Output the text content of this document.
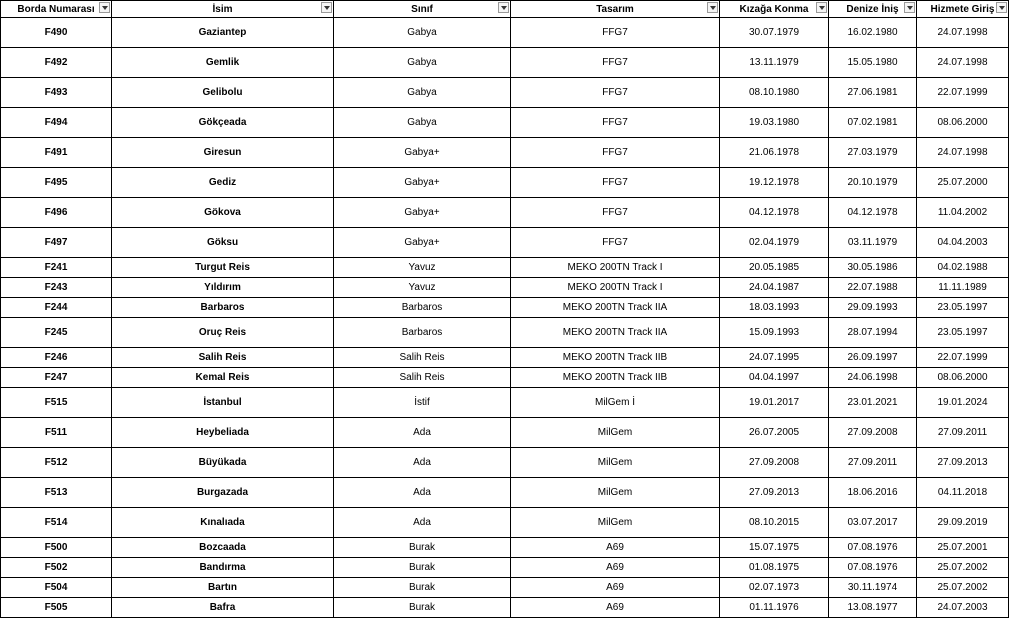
Borda Numarası	İsim	Sınıf	Tasarım	Kızağa Konma	Denize İniş	Hizmete Giriş

F490	Gaziantep	Gabya	FFG7	30.07.1979	16.02.1980	24.07.1998
F492	Gemlik	Gabya	FFG7	13.11.1979	15.05.1980	24.07.1998
F493	Gelibolu	Gabya	FFG7	08.10.1980	27.06.1981	22.07.1999
F494	Gökçeada	Gabya	FFG7	19.03.1980	07.02.1981	08.06.2000
F491	Giresun	Gabya+	FFG7	21.06.1978	27.03.1979	24.07.1998
F495	Gediz	Gabya+	FFG7	19.12.1978	20.10.1979	25.07.2000
F496	Gökova	Gabya+	FFG7	04.12.1978	04.12.1978	11.04.2002
F497	Göksu	Gabya+	FFG7	02.04.1979	03.11.1979	04.04.2003
F241	Turgut Reis	Yavuz	MEKO 200TN Track I	20.05.1985	30.05.1986	04.02.1988
F243	Yıldırım	Yavuz	MEKO 200TN Track I	24.04.1987	22.07.1988	11.11.1989
F244	Barbaros	Barbaros	MEKO 200TN Track IIA	18.03.1993	29.09.1993	23.05.1997
F245	Oruç Reis	Barbaros	MEKO 200TN Track IIA	15.09.1993	28.07.1994	23.05.1997
F246	Salih Reis	Salih Reis	MEKO 200TN Track IIB	24.07.1995	26.09.1997	22.07.1999
F247	Kemal Reis	Salih Reis	MEKO 200TN Track IIB	04.04.1997	24.06.1998	08.06.2000
F515	İstanbul	İstif	MilGem İ	19.01.2017	23.01.2021	19.01.2024
F511	Heybeliada	Ada	MilGem	26.07.2005	27.09.2008	27.09.2011
F512	Büyükada	Ada	MilGem	27.09.2008	27.09.2011	27.09.2013
F513	Burgazada	Ada	MilGem	27.09.2013	18.06.2016	04.11.2018
F514	Kınalıada	Ada	MilGem	08.10.2015	03.07.2017	29.09.2019
F500	Bozcaada	Burak	A69	15.07.1975	07.08.1976	25.07.2001
F502	Bandırma	Burak	A69	01.08.1975	07.08.1976	25.07.2002
F504	Bartın	Burak	A69	02.07.1973	30.11.1974	25.07.2002
F505	Bafra	Burak	A69	01.11.1976	13.08.1977	24.07.2003
